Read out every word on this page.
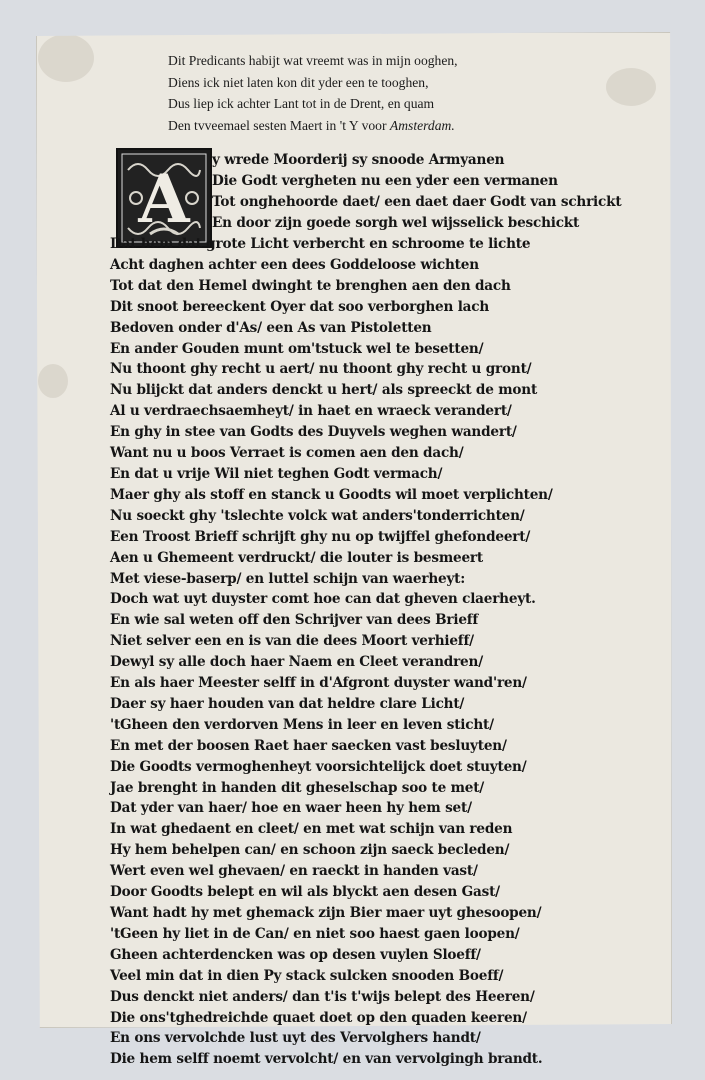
Dit Predicants habijt wat vreemt was in mijn ooghen,
Diens ick niet laten kon dit yder een te tooghen,
Dus liep ick achter Lant tot in de Drent, en quam
Den tvveemael sesten Maert in 't Y voor Amsterdam.
A y wrede Moorderij sy snoode Armyanen
Die Godt vergheten nu een yder een vermanen
Tot onghehoorde daet/ een daet daer Godt van schrickt
En door zijn goede sorgh wel wijsselick beschickt
Dat hem dat grote Licht verbercht en schroome te lichte
Acht daghen achter een dees Goddeloose wichten
Tot dat den Hemel dwinght te brenghen aen den dach
Dit snoot bereeckent Oyer dat soo verborghen lach
Bedoven onder d'As/ een As van Pistoletten
En ander Gouden munt om'tstuck wel te besetten/
Nu thoont ghy recht u aert/ nu thoont ghy recht u gront/
Nu blijckt dat anders denckt u hert/ als spreeckt de mont
Al u verdraechsaemheyt/ in haet en wraeck verandert/
En ghy in stee van Godts des Duyvels weghen wandert/
Want nu u boos Verraet is comen aen den dach/
En dat u vrije Wil niet teghen Godt vermach/
Maer ghy als stoff en stanck u Goodts wil moet verplichten/
Nu soeckt ghy 'tslechte volck wat anders'tonderrichten/
Een Troost Brieff schrijft ghy nu op twijffel ghefondeert/
Aen u Ghemeent verdruckt/ die louter is besmeert
Met viese-baserp/ en luttel schijn van waerheyt:
Doch wat uyt duyster comt hoe can dat gheven claerheyt.
En wie sal weten off den Schrijver van dees Brieff
Niet selver een en is van die dees Moort verhieff/
Dewyl sy alle doch haer Naem en Cleet verandren/
En als haer Meester selff in d'Afgront duyster wand'ren/
Daer sy haer houden van dat heldre clare Licht/
'tGheen den verdorven Mens in leer en leven sticht/
En met der boosen Raet haer saecken vast besluyten/
Die Goodts vermoghenheyt voorsichtelijck doet stuyten/
Jae brenght in handen dit gheselschap soo te met/
Dat yder van haer/ hoe en waer heen hy hem set/
In wat ghedaent en cleet/ en met wat schijn van reden
Hy hem behelpen can/ en schoon zijn saeck becleden/
Wert even wel ghevaen/ en raeckt in handen vast/
Door Goodts belept en wil als blyckt aen desen Gast/
Want hadt hy met ghemack zijn Bier maer uyt ghesoopen/
'tGeen hy liet in de Can/ en niet soo haest gaen loopen/
Gheen achterdencken was op desen vuylen Sloeff/
Veel min dat in dien Py stack sulcken snooden Boeff/
Dus denckt niet anders/ dan t'is t'wijs belept des Heeren/
Die ons'tghedreichde quaet doet op den quaden keeren/
En ons vervolchde lust uyt des Vervolghers handt/
Die hem selff noemt vervolcht/ en van vervolgingh brandt.
